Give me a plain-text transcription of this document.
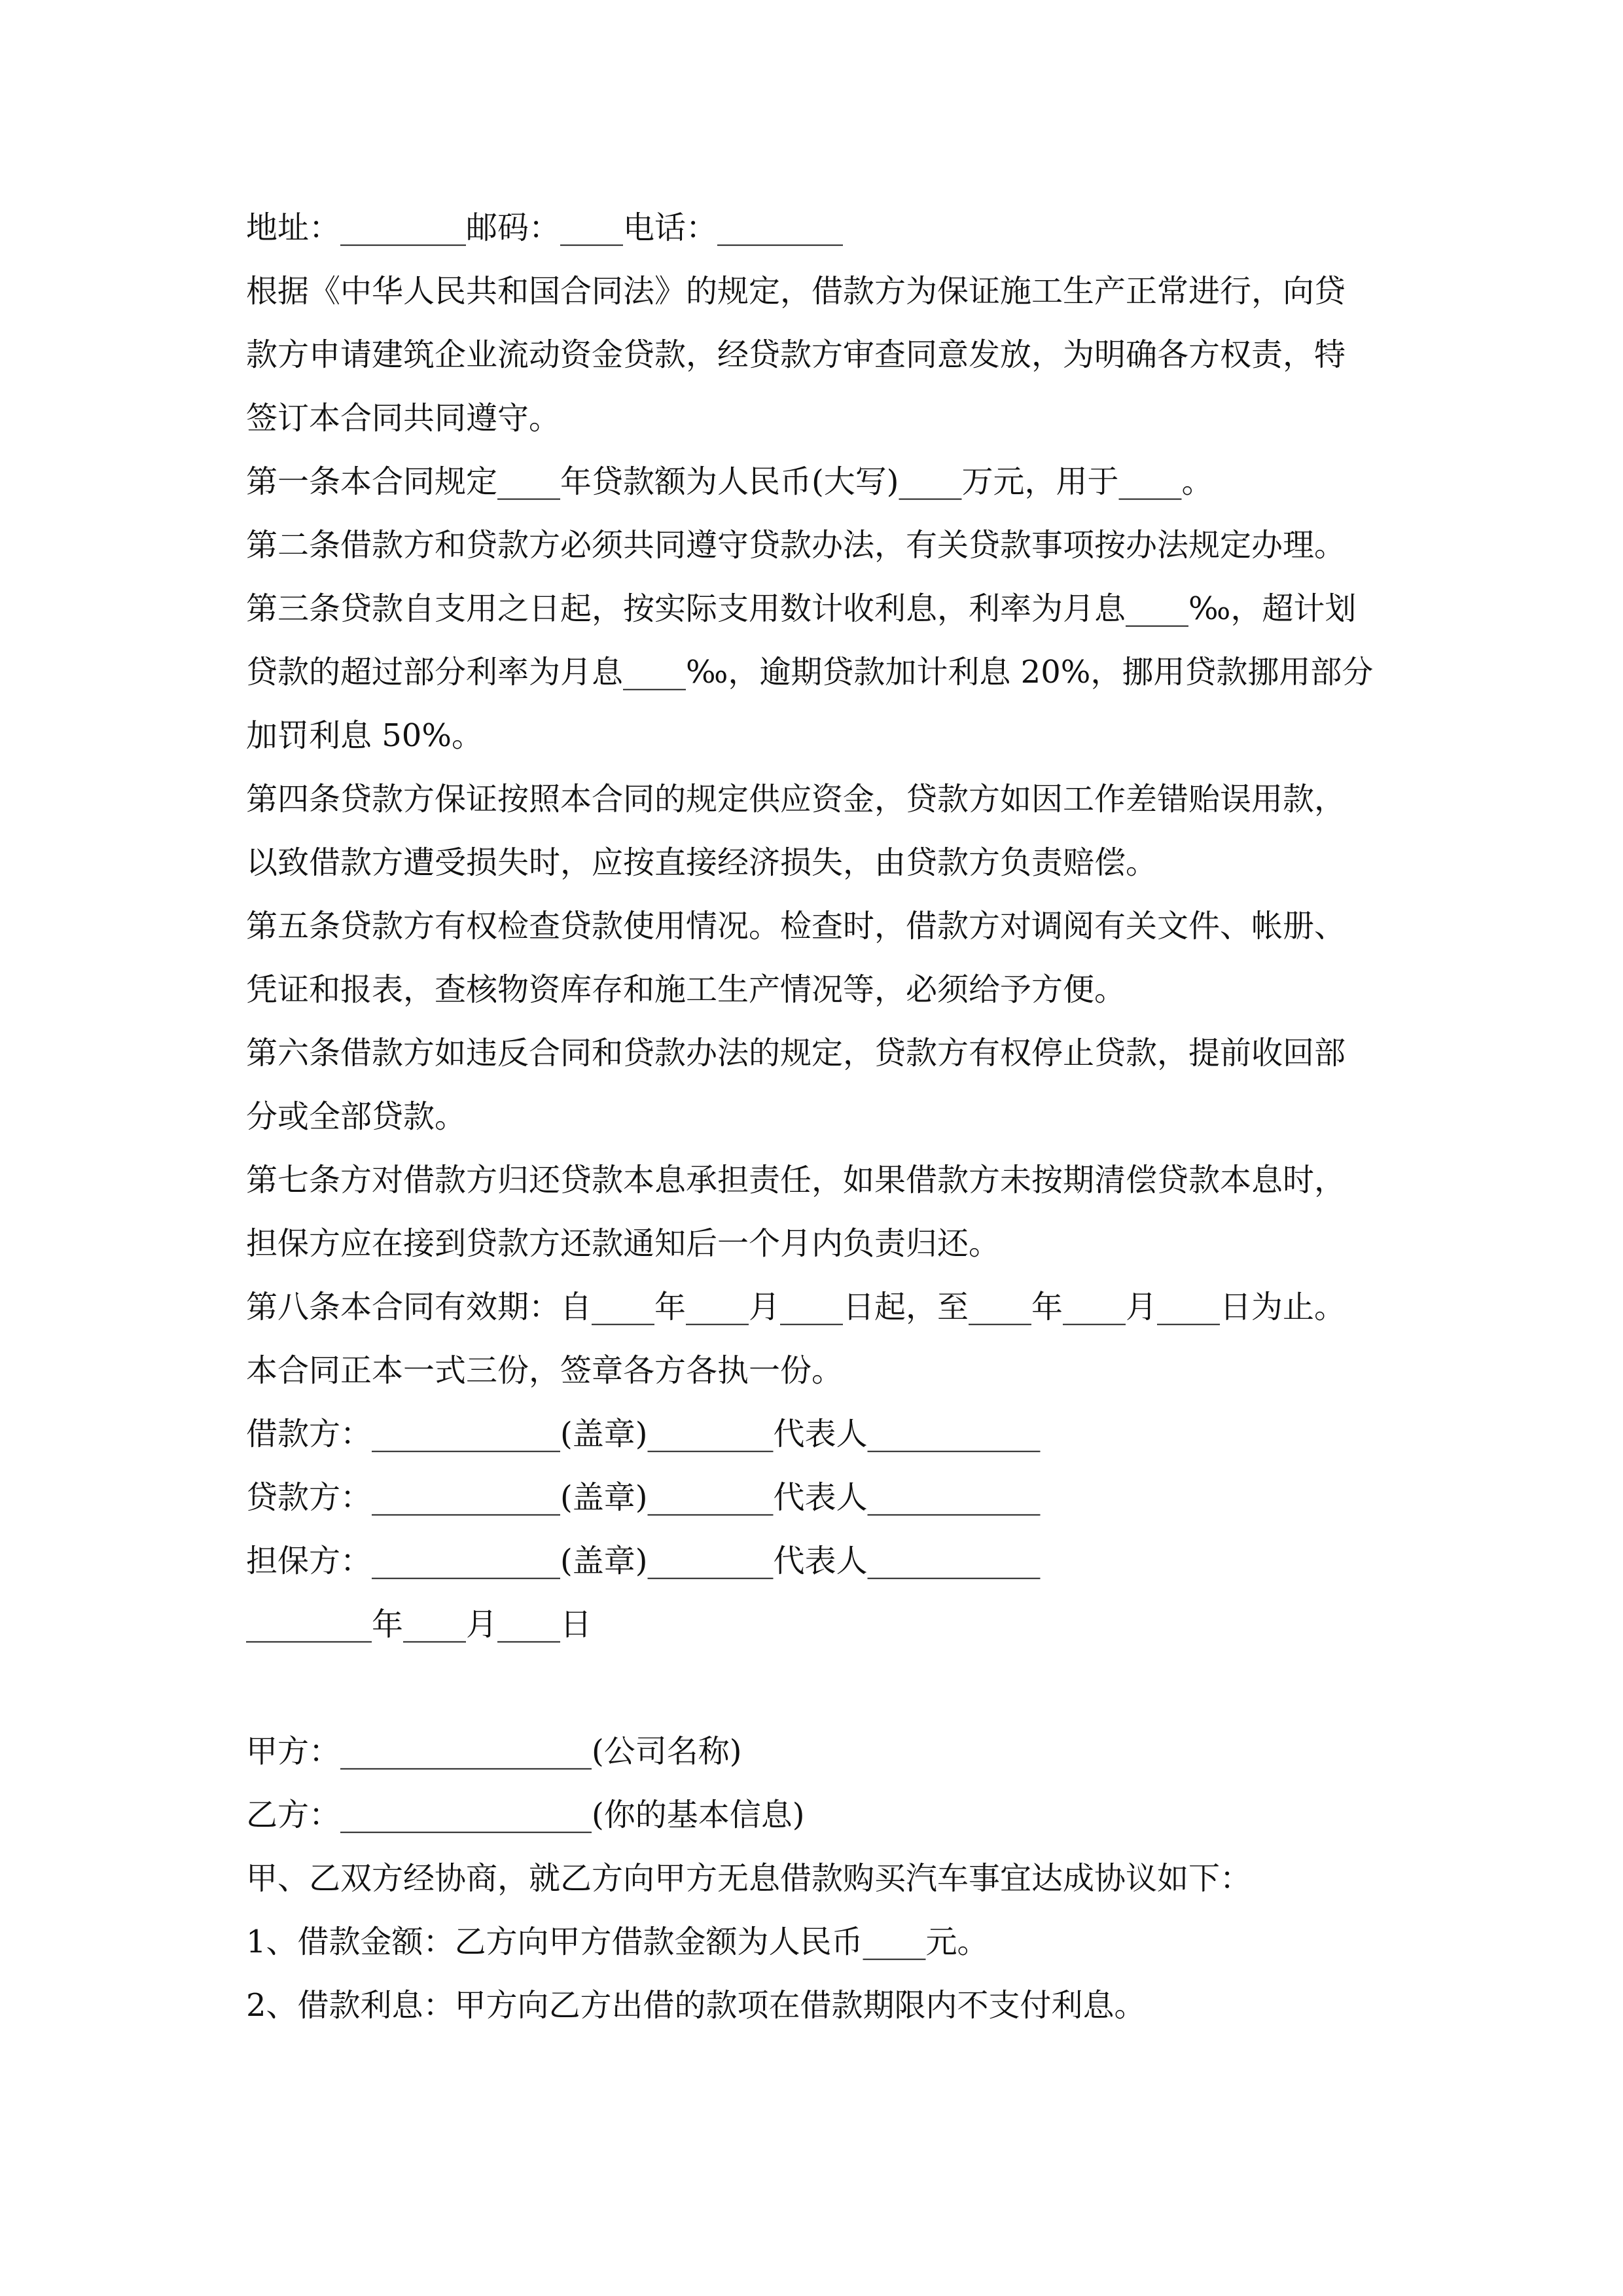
地址：________邮码：____电话：________
根据《中华人民共和国合同法》的规定，借款方为保证施工生产正常进行，向贷
款方申请建筑企业流动资金贷款，经贷款方审查同意发放，为明确各方权责，特
签订本合同共同遵守。
第一条本合同规定____年贷款额为人民币(大写)____万元，用于____。
第二条借款方和贷款方必须共同遵守贷款办法，有关贷款事项按办法规定办理。
第三条贷款自支用之日起，按实际支用数计收利息，利率为月息____‰，超计划
贷款的超过部分利率为月息____‰，逾期贷款加计利息 20%，挪用贷款挪用部分
加罚利息 50%。
第四条贷款方保证按照本合同的规定供应资金，贷款方如因工作差错贻误用款，
以致借款方遭受损失时，应按直接经济损失，由贷款方负责赔偿。
第五条贷款方有权检查贷款使用情况。检查时，借款方对调阅有关文件、帐册、
凭证和报表，查核物资库存和施工生产情况等，必须给予方便。
第六条借款方如违反合同和贷款办法的规定，贷款方有权停止贷款，提前收回部
分或全部贷款。
第七条方对借款方归还贷款本息承担责任，如果借款方未按期清偿贷款本息时，
担保方应在接到贷款方还款通知后一个月内负责归还。
第八条本合同有效期：自____年____月____日起，至____年____月____日为止。
本合同正本一式三份，签章各方各执一份。
借款方：____________(盖章)________代表人___________
贷款方：____________(盖章)________代表人___________
担保方：____________(盖章)________代表人___________
________年____月____日
甲方：________________(公司名称)
乙方：________________(你的基本信息)
甲、乙双方经协商，就乙方向甲方无息借款购买汽车事宜达成协议如下：
1、借款金额：乙方向甲方借款金额为人民币____元。
2、借款利息：甲方向乙方出借的款项在借款期限内不支付利息。
